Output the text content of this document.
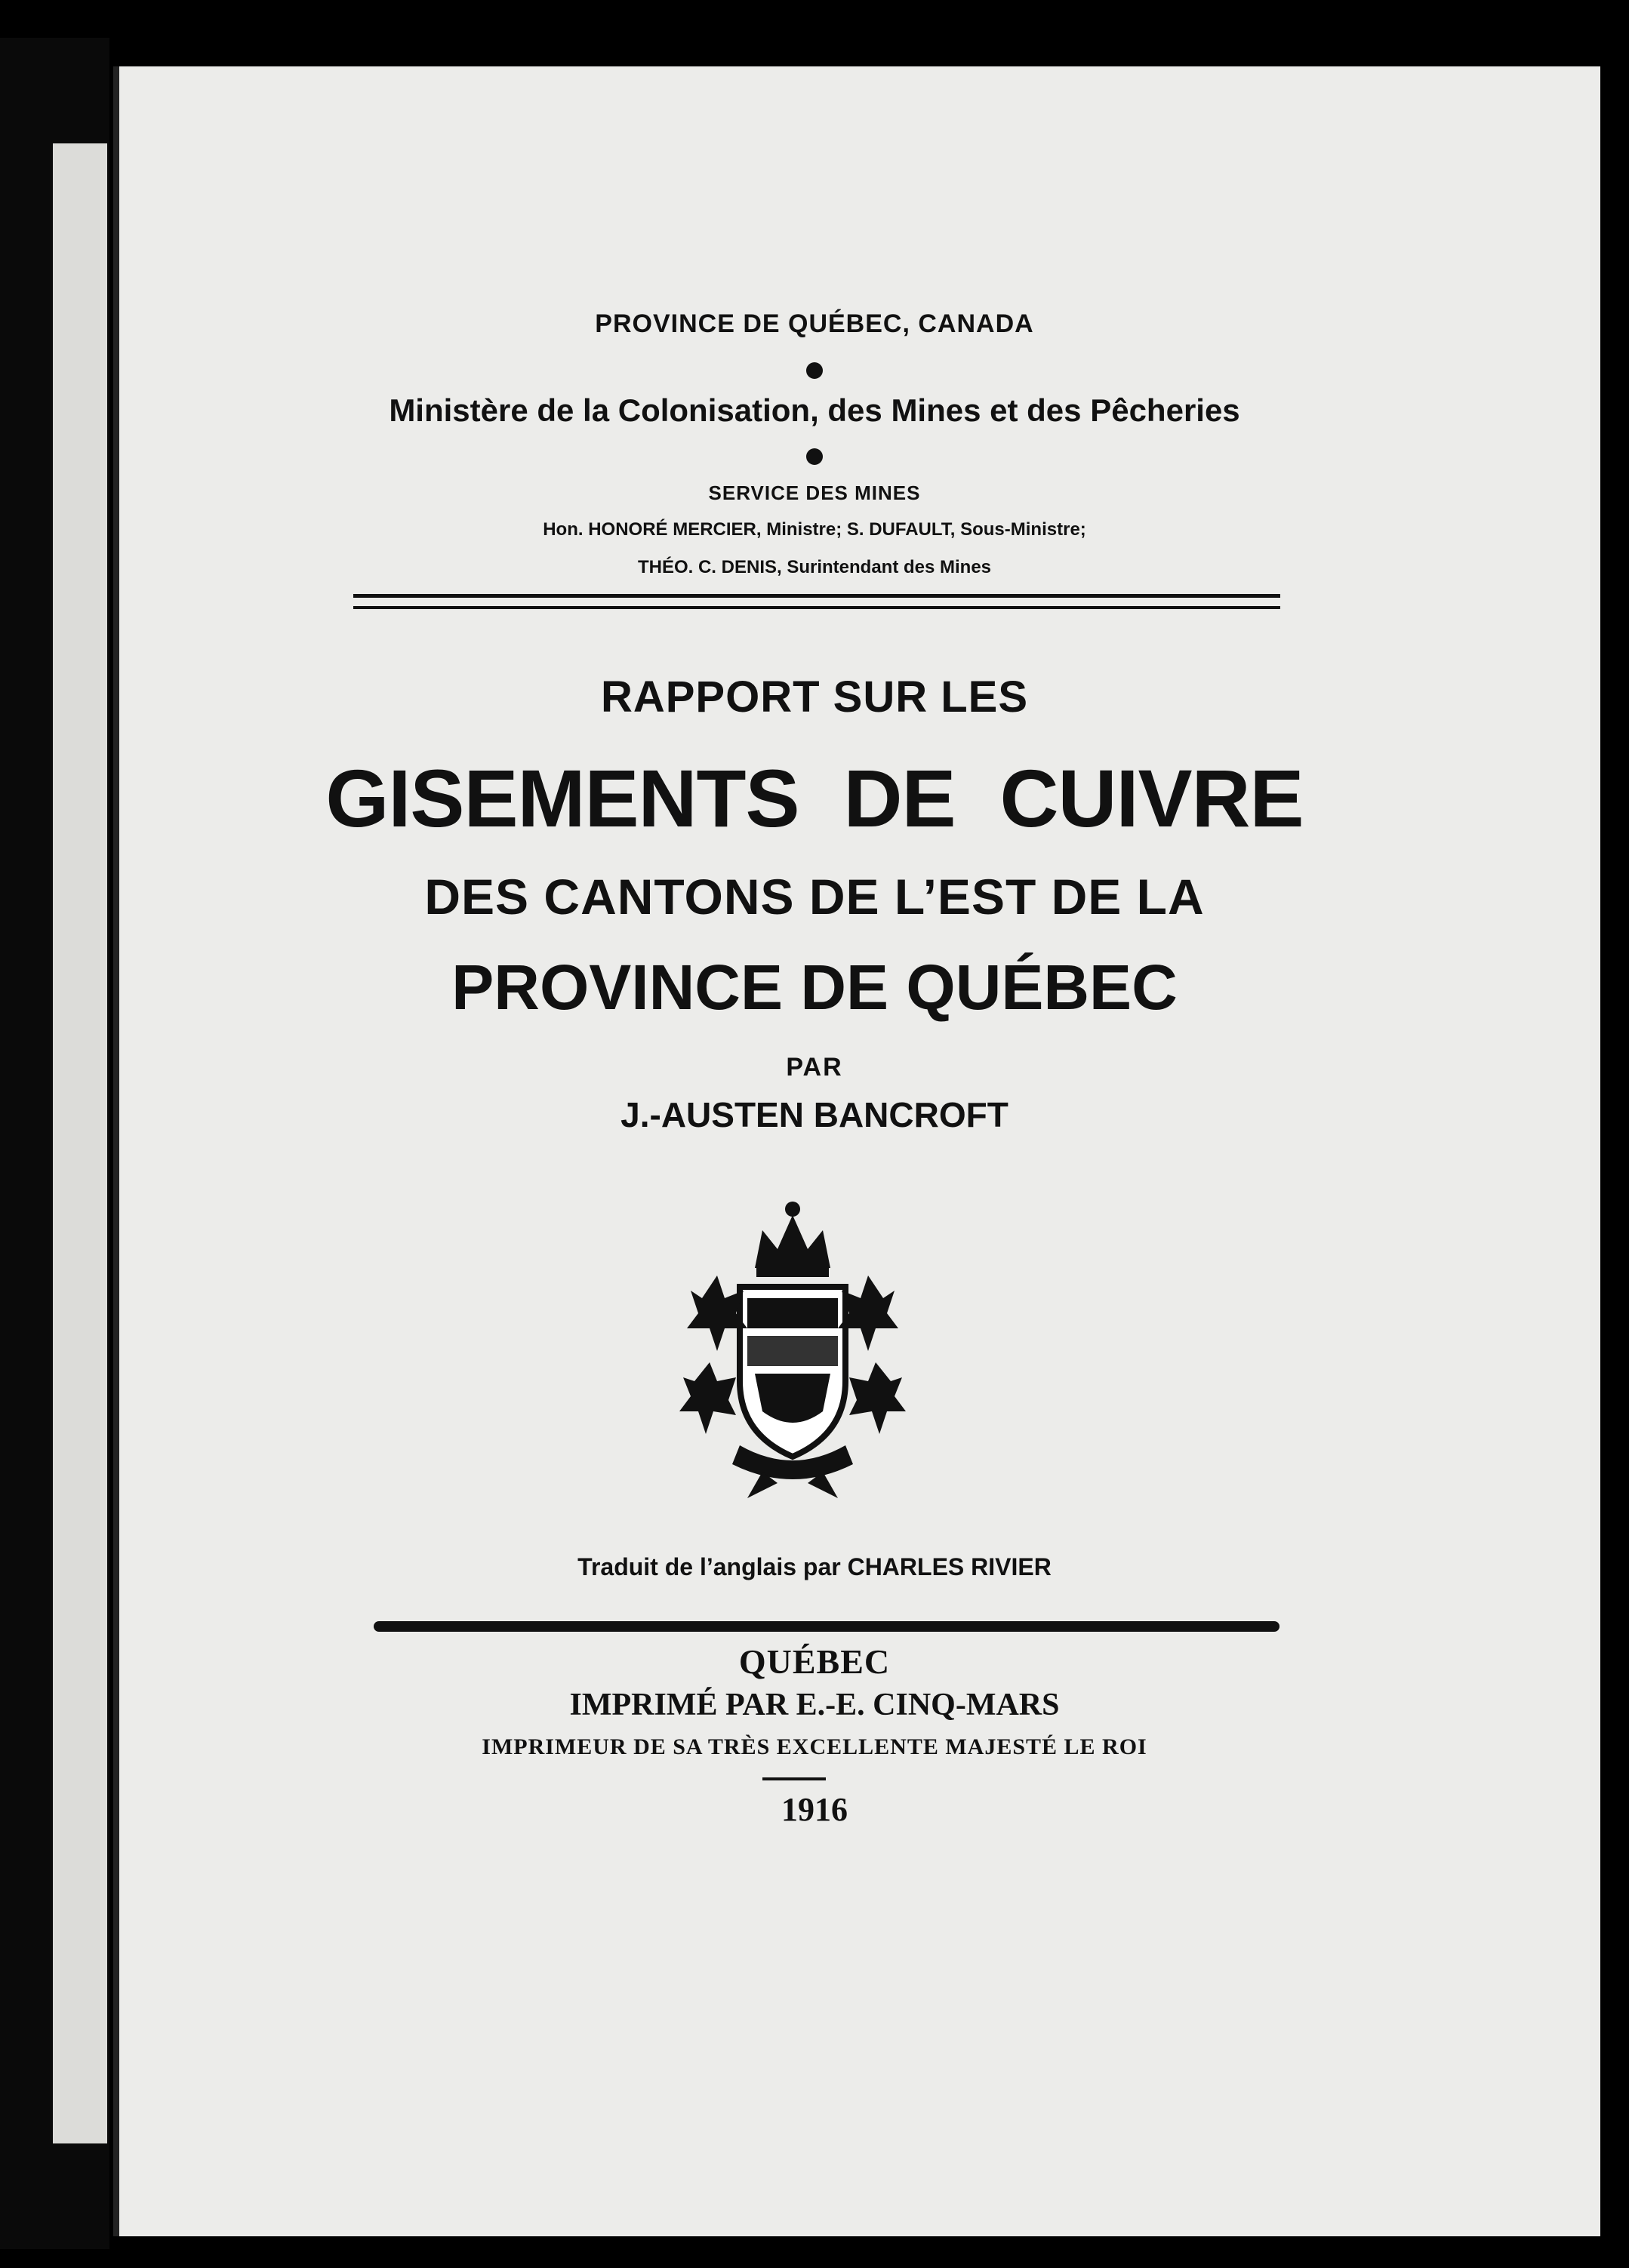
PROVINCE DE QUÉBEC, CANADA
Ministère de la Colonisation, des Mines et des Pêcheries
SERVICE DES MINES
Hon. HONORÉ MERCIER, Ministre; S. DUFAULT, Sous-Ministre;
THÉO. C. DENIS, Surintendant des Mines
RAPPORT SUR LES
GISEMENTS DE CUIVRE
DES CANTONS DE L’EST DE LA
PROVINCE DE QUÉBEC
PAR
J.-AUSTEN BANCROFT
Traduit de l’anglais par CHARLES RIVIER
QUÉBEC
IMPRIMÉ PAR E.-E. CINQ-MARS
IMPRIMEUR DE SA TRÈS EXCELLENTE MAJESTÉ LE ROI
1916
